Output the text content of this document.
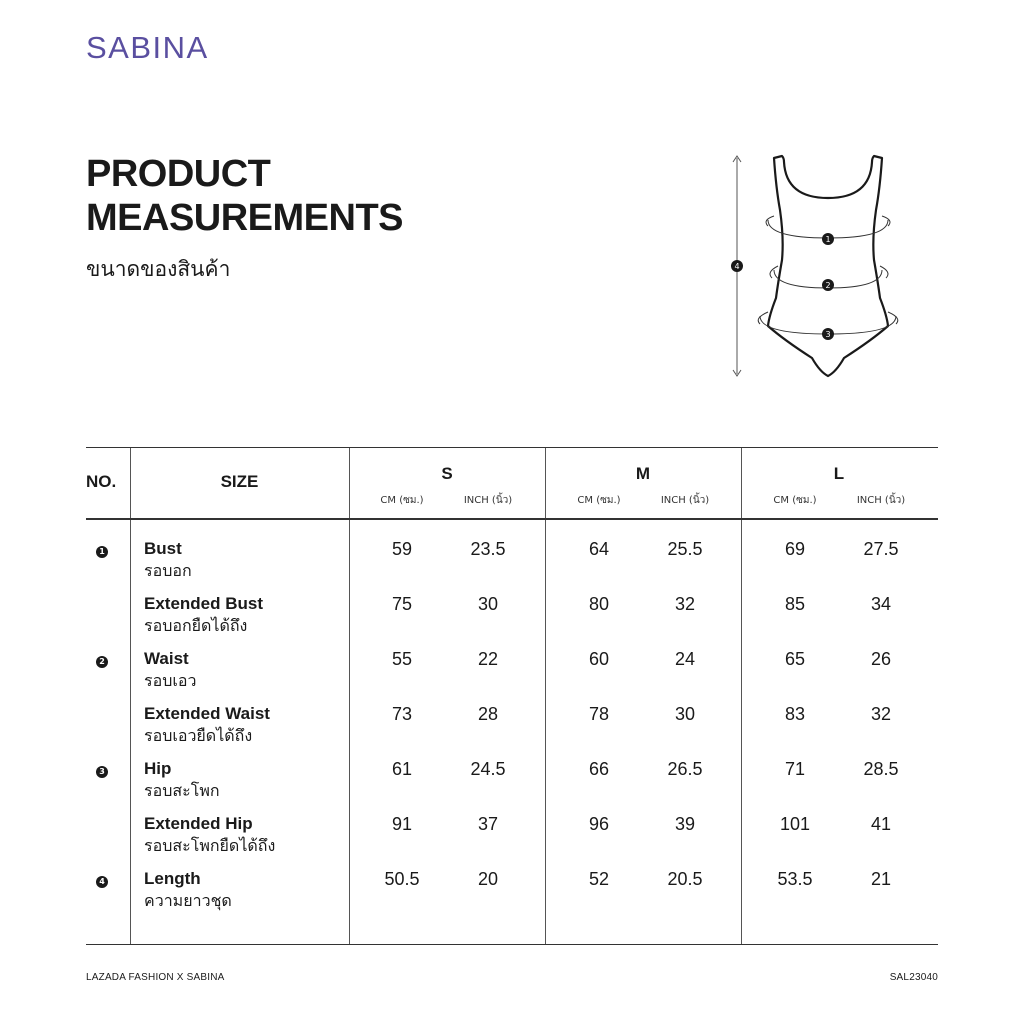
SABINA
PRODUCT
MEASUREMENTS
ขนาดของสินค้า
1
2
3
4
NO.	SIZE	S
CM (ซม.)	INCH (นิ้ว)
M
CM (ซม.)	INCH (นิ้ว)
L
CM (ซม.)	INCH (นิ้ว)
1 Bust
รอบอก
59	23.5	64	25.5	69	27.5
Extended Bust
รอบอกยืดได้ถึง
75	30	80	32	85	34
2 Waist
รอบเอว
55	22	60	24	65	26
Extended Waist
รอบเอวยืดได้ถึง
73	28	78	30	83	32
3 Hip
รอบสะโพก
61	24.5	66	26.5	71	28.5
Extended Hip
รอบสะโพกยืดได้ถึง
91	37	96	39	101	41
4 Length
ความยาวชุด
50.5	20	52	20.5	53.5	21
LAZADA FASHION X SABINA	SAL23040
